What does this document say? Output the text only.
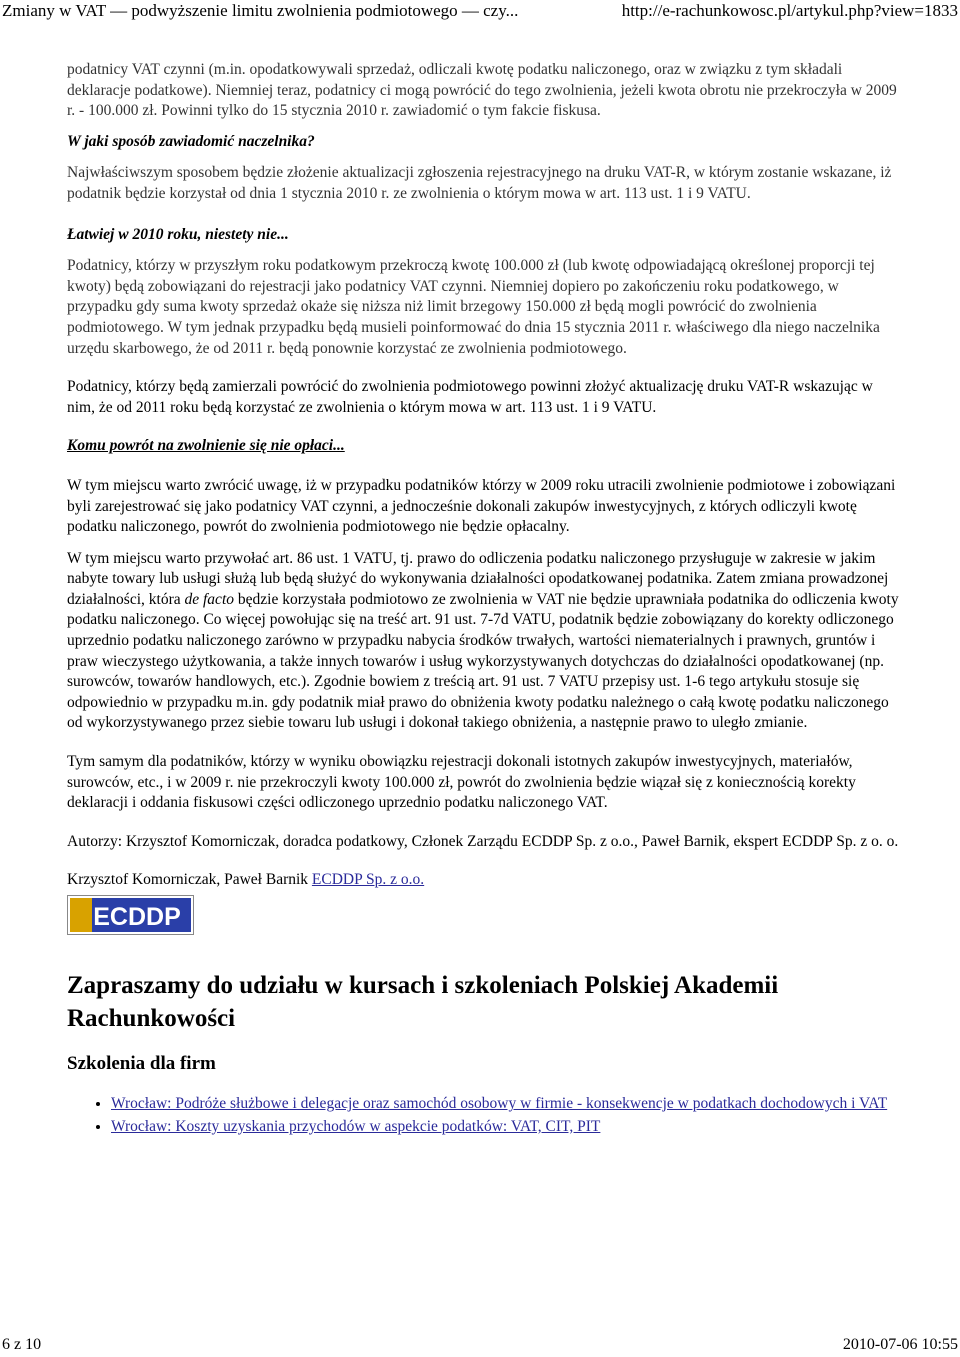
Zmiany w VAT — podwyższenie limitu zwolnienia podmiotowego — czy...	http://e-rachunkowosc.pl/artykul.php?view=1833

podatnicy VAT czynni (m.in. opodatkowywali sprzedaż, odliczali kwotę podatku naliczonego, oraz w związku z tym składali deklaracje podatkowe). Niemniej teraz, podatnicy ci mogą powrócić do tego zwolnienia, jeżeli kwota obrotu nie przekroczyła w 2009 r. - 100.000 zł. Powinni tylko do 15 stycznia 2010 r. zawiadomić o tym fakcie fiskusa.

W jaki sposób zawiadomić naczelnika?

Najwłaściwszym sposobem będzie złożenie aktualizacji zgłoszenia rejestracyjnego na druku VAT-R, w którym zostanie wskazane, iż podatnik będzie korzystał od dnia 1 stycznia 2010 r. ze zwolnienia o którym mowa w art. 113 ust. 1 i 9 VATU.

Łatwiej w 2010 roku, niestety nie...

Podatnicy, którzy w przyszłym roku podatkowym przekroczą kwotę 100.000 zł (lub kwotę odpowiadającą określonej proporcji tej kwoty) będą zobowiązani do rejestracji jako podatnicy VAT czynni. Niemniej dopiero po zakończeniu roku podatkowego, w przypadku gdy suma kwoty sprzedaż okaże się niższa niż limit brzegowy 150.000 zł będą mogli powrócić do zwolnienia podmiotowego. W tym jednak przypadku będą musieli poinformować do dnia 15 stycznia 2011 r. właściwego dla niego naczelnika urzędu skarbowego, że od 2011 r. będą ponownie korzystać ze zwolnienia podmiotowego.

Podatnicy, którzy będą zamierzali powrócić do zwolnienia podmiotowego powinni złożyć aktualizację druku VAT-R wskazując w nim, że od 2011 roku będą korzystać ze zwolnienia o którym mowa w art. 113 ust. 1 i 9 VATU.

Komu powrót na zwolnienie się nie opłaci...

W tym miejscu warto zwrócić uwagę, iż w przypadku podatników którzy w 2009 roku utracili zwolnienie podmiotowe i zobowiązani byli zarejestrować się jako podatnicy VAT czynni, a jednocześnie dokonali zakupów inwestycyjnych, z których odliczyli kwotę podatku naliczonego, powrót do zwolnienia podmiotowego nie będzie opłacalny.

W tym miejscu warto przywołać art. 86 ust. 1 VATU, tj. prawo do odliczenia podatku naliczonego przysługuje w zakresie w jakim nabyte towary lub usługi służą lub będą służyć do wykonywania działalności opodatkowanej podatnika. Zatem zmiana prowadzonej działalności, która de facto będzie korzystała podmiotowo ze zwolnienia w VAT nie będzie uprawniała podatnika do odliczenia kwoty podatku naliczonego. Co więcej powołując się na treść art. 91 ust. 7-7d VATU, podatnik będzie zobowiązany do korekty odliczonego uprzednio podatku naliczonego zarówno w przypadku nabycia środków trwałych, wartości niematerialnych i prawnych, gruntów i praw wieczystego użytkowania, a także innych towarów i usług wykorzystywanych dotychczas do działalności opodatkowanej (np. surowców, towarów handlowych, etc.). Zgodnie bowiem z treścią art. 91 ust. 7 VATU przepisy ust. 1-6 tego artykułu stosuje się odpowiednio w przypadku m.in. gdy podatnik miał prawo do obniżenia kwoty podatku należnego o całą kwotę podatku naliczonego od wykorzystywanego przez siebie towaru lub usługi i dokonał takiego obniżenia, a następnie prawo to uległo zmianie.

Tym samym dla podatników, którzy w wyniku obowiązku rejestracji dokonali istotnych zakupów inwestycyjnych, materiałów, surowców, etc., i w 2009 r. nie przekroczyli kwoty 100.000 zł, powrót do zwolnienia będzie wiązał się z koniecznością korekty deklaracji i oddania fiskusowi części odliczonego uprzednio podatku naliczonego VAT.

Autorzy: Krzysztof Komorniczak, doradca podatkowy, Członek Zarządu ECDDP Sp. z o.o., Paweł Barnik, ekspert ECDDP Sp. z o. o.

Krzysztof Komorniczak, Paweł Barnik ECDDP Sp. z o.o.

ECDDP

Zapraszamy do udziału w kursach i szkoleniach Polskiej Akademii Rachunkowości

Szkolenia dla firm

• Wrocław: Podróże służbowe i delegacje oraz samochód osobowy w firmie - konsekwencje w podatkach dochodowych i VAT
• Wrocław: Koszty uzyskania przychodów w aspekcie podatków: VAT, CIT, PIT
6 z 10	2010-07-06 10:55
